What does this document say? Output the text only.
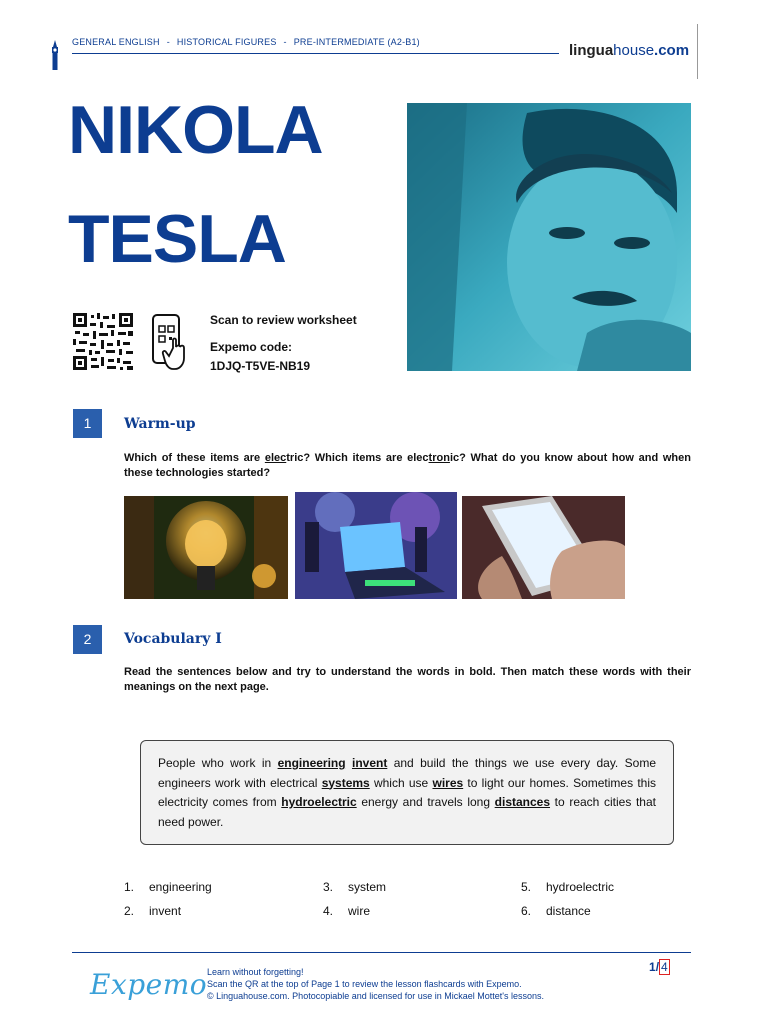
GENERAL ENGLISH - HISTORICAL FIGURES - PRE-INTERMEDIATE (A2-B1)	linguahouse.com
NIKOLA
TESLA
Scan to review worksheet
Expemo code:
1DJQ-T5VE-NB19
1	Warm-up
Which of these items are electric? Which items are electronic? What do you know about how and when these technologies started?
2	Vocabulary I
Read the sentences below and try to understand the words in bold. Then match these words with their meanings on the next page.
People who work in engineering invent and build the things we use every day. Some engineers work with electrical systems which use wires to light our homes. Sometimes this electricity comes from hydroelectric energy and travels long distances to reach cities that need power.
1. engineering
2. invent
3. system
4. wire
5. hydroelectric
6. distance
Expemo Learn without forgetting!
Scan the QR at the top of Page 1 to review the lesson flashcards with Expemo.
© Linguahouse.com. Photocopiable and licensed for use in Mickael Mottet's lessons.
1/ 4
